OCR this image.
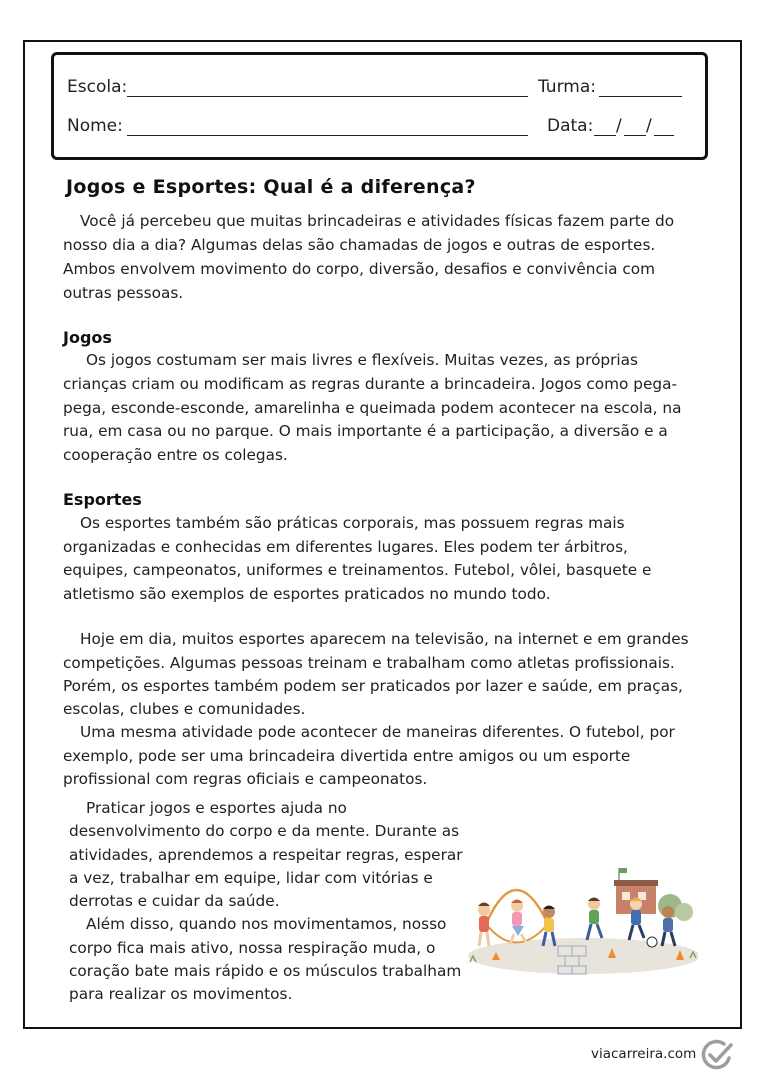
Escola:	Turma:
Nome:	Data: / /
Jogos e Esportes: Qual é a diferença?
Você já percebeu que muitas brincadeiras e atividades físicas fazem parte do
nosso dia a dia? Algumas delas são chamadas de jogos e outras de esportes.
Ambos envolvem movimento do corpo, diversão, desafios e convivência com
outras pessoas.
Jogos
Os jogos costumam ser mais livres e flexíveis. Muitas vezes, as próprias
crianças criam ou modificam as regras durante a brincadeira. Jogos como pega-
pega, esconde-esconde, amarelinha e queimada podem acontecer na escola, na
rua, em casa ou no parque. O mais importante é a participação, a diversão e a
cooperação entre os colegas.
Esportes
Os esportes também são práticas corporais, mas possuem regras mais
organizadas e conhecidas em diferentes lugares. Eles podem ter árbitros,
equipes, campeonatos, uniformes e treinamentos. Futebol, vôlei, basquete e
atletismo são exemplos de esportes praticados no mundo todo.
Hoje em dia, muitos esportes aparecem na televisão, na internet e em grandes
competições. Algumas pessoas treinam e trabalham como atletas profissionais.
Porém, os esportes também podem ser praticados por lazer e saúde, em praças,
escolas, clubes e comunidades.
Uma mesma atividade pode acontecer de maneiras diferentes. O futebol, por
exemplo, pode ser uma brincadeira divertida entre amigos ou um esporte
profissional com regras oficiais e campeonatos.
Praticar jogos e esportes ajuda no
desenvolvimento do corpo e da mente. Durante as
atividades, aprendemos a respeitar regras, esperar
a vez, trabalhar em equipe, lidar com vitórias e
derrotas e cuidar da saúde.
Além disso, quando nos movimentamos, nosso
corpo fica mais ativo, nossa respiração muda, o
coração bate mais rápido e os músculos trabalham
para realizar os movimentos.
viacarreira.com
